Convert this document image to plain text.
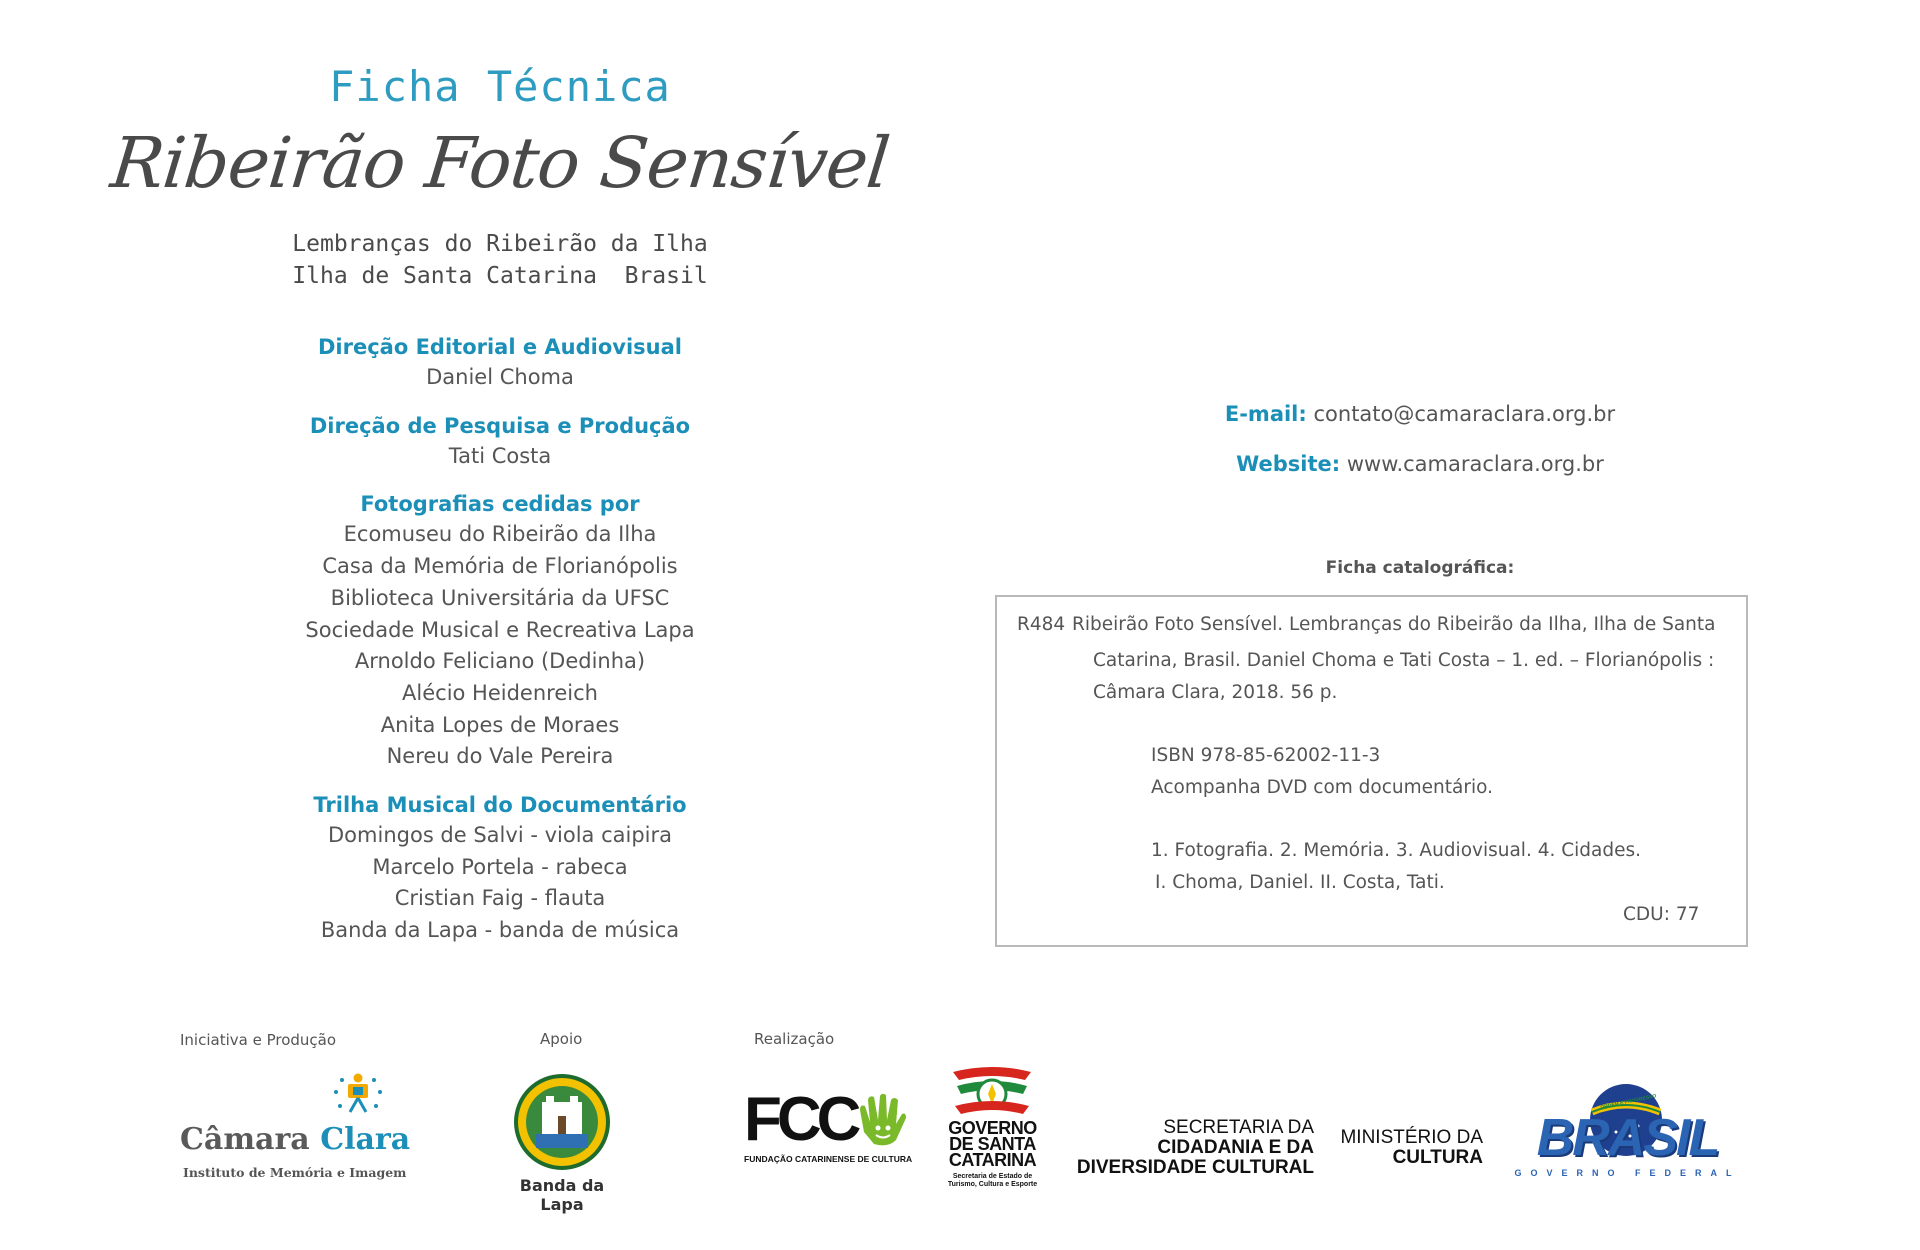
Ficha Técnica
Ribeirão Foto Sensível
Lembranças do Ribeirão da Ilha
Ilha de Santa Catarina  Brasil
Direção Editorial e Audiovisual
Daniel Choma
Direção de Pesquisa e Produção
Tati Costa
Fotografias cedidas por
Ecomuseu do Ribeirão da Ilha
Casa da Memória de Florianópolis
Biblioteca Universitária da UFSC
Sociedade Musical e Recreativa Lapa
Arnoldo Feliciano (Dedinha)
Alécio Heidenreich
Anita Lopes de Moraes
Nereu do Vale Pereira
Trilha Musical do Documentário
Domingos de Salvi - viola caipira
Marcelo Portela - rabeca
Cristian Faig - flauta
Banda da Lapa - banda de música
E-mail: contato@camaraclara.org.br
Website: www.camaraclara.org.br
Ficha catalográfica:
R484 Ribeirão Foto Sensível. Lembranças do Ribeirão da Ilha, Ilha de Santa
Catarina, Brasil. Daniel Choma e Tati Costa – 1. ed. – Florianópolis :
Câmara Clara, 2018. 56 p.
ISBN 978-85-62002-11-3
Acompanha DVD com documentário.
1. Fotografia. 2. Memória. 3. Audiovisual. 4. Cidades.
I. Choma, Daniel. II. Costa, Tati.
CDU: 77
Iniciativa e Produção	Apoio	Realização
Câmara Clara
Instituto de Memória e Imagem
Banda da Lapa
FCC
FUNDAÇÃO CATARINENSE DE CULTURA
GOVERNO
DE SANTA
CATARINA
Secretaria de Estado de
Turismo, Cultura e Esporte
SECRETARIA DA
CIDADANIA E DA
DIVERSIDADE CULTURAL
MINISTÉRIO DA
CULTURA
ORDEM E PROGRESSO
BRASIL
GOVERNO FEDERAL
